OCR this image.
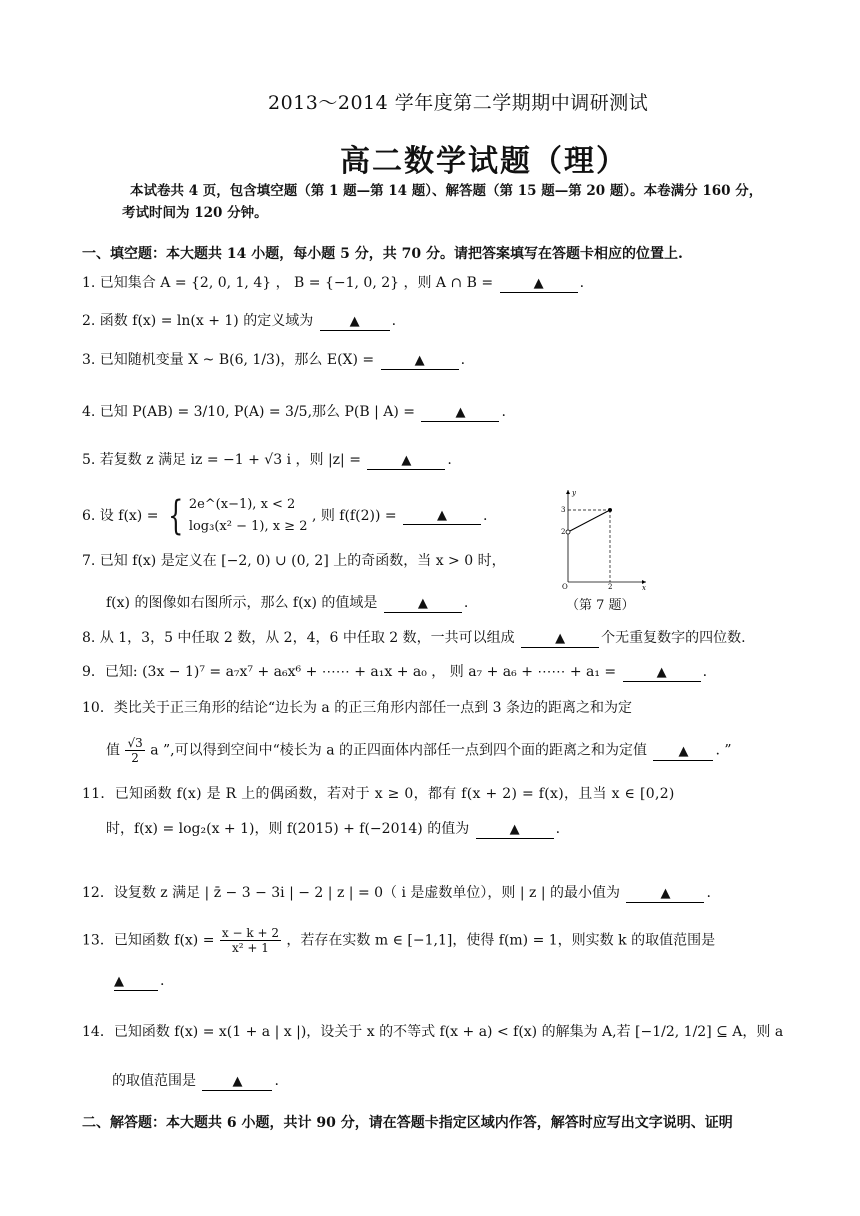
2013～2014 学年度第二学期期中调研测试
高二数学试题（理）
本试卷共 4 页，包含填空题（第 1 题—第 14 题）、解答题（第 15 题—第 20 题）。本卷满分 160 分，
考试时间为 120 分钟。
一、填空题：本大题共 14 小题，每小题 5 分，共 70 分。请把答案填写在答题卡相应的位置上.
1. 已知集合 A = {2, 0, 1, 4} ， B = {−1, 0, 2} ，则 A ∩ B =	▲	.
2. 函数 f(x) = ln(x + 1) 的定义域为	▲ .
3. 已知随机变量 X ~ B(6, 1/3)，那么 E(X) =	▲	.
4. 已知 P(AB) = 3/10, P(A) = 3/5,那么 P(B | A) =	▲	.
5. 若复数 z 满足 iz = −1 + √3 i ，则 |z| =	▲	.
6. 设 f(x) = { 2e^(x−1), x < 2
log₃(x² − 1), x ≥ 2
, 则 f(f(2)) =	▲	.
y
x
O
3
2
2
（第 7 题）
7. 已知 f(x) 是定义在 [−2, 0) ∪ (0, 2] 上的奇函数，当 x > 0 时，
f(x) 的图像如右图所示，那么 f(x) 的值域是	▲	.
8. 从 1，3，5 中任取 2 数，从 2，4，6 中任取 2 数，一共可以组成	▲	个无重复数字的四位数.
9．已知: (3x − 1)⁷ = a₇x⁷ + a₆x⁶ + ⋯⋯ + a₁x + a₀ ， 则 a₇ + a₆ + ⋯⋯ + a₁ =	▲	.
10．类比关于正三角形的结论“边长为 a 的正三角形内部任一点到 3 条边的距离之和为定
值 $\frac{√3}{2}$ a ”,可以得到空间中“棱长为 a 的正四面体内部任一点到四个面的距离之和为定值 ▲ . ”
11．已知函数 f(x) 是 R 上的偶函数，若对于 x ≥ 0，都有 f(x + 2) = f(x)，且当 x ∈ [0,2)
时，f(x) = log₂(x + 1)，则 f(2015) + f(−2014) 的值为	▲	.
12．设复数 z 满足 | z̄ − 3 − 3i | − 2 | z | = 0（ i 是虚数单位），则 | z | 的最小值为	▲	.
13．已知函数 $f(x) = \frac{x - k + 2}{\text{x² + 1}}$ ，若存在实数 m ∈ [−1,1]，使得 f(m) = 1，则实数 k 的取值范围是
▲	.
14．已知函数 f(x) = x(1 + a | x |)，设关于 x 的不等式 f(x + a) < f(x) 的解集为 A,若 [−1/2, 1/2] ⊆ A，则 a
的取值范围是	▲ .
二、解答题：本大题共 6 小题，共计 90 分，请在答题卡指定区域内作答，解答时应写出文字说明、证明
